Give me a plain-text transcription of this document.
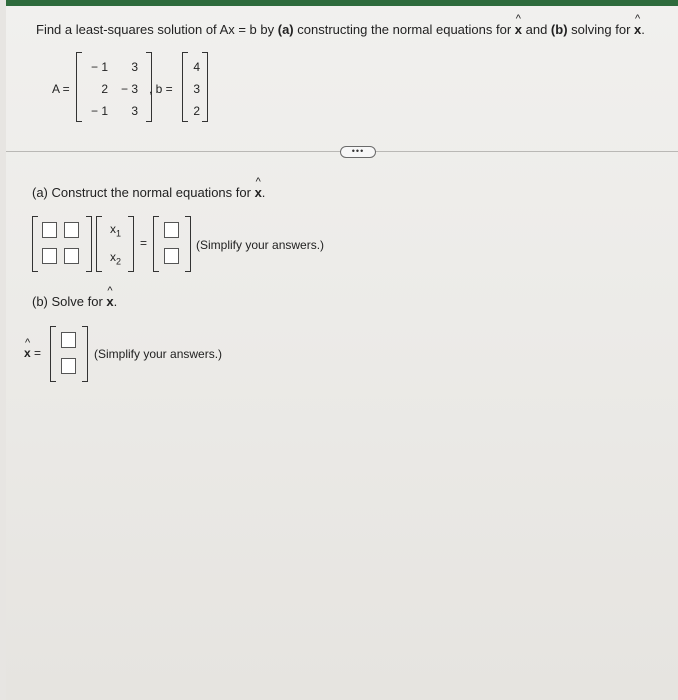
Find a least-squares solution of Ax = b by (a) constructing the normal equations for ^ x and (b) solving for ^ x.
A =
− 1	3
2	− 3
− 1	3
, b =
4
3
2
•••
(a) Construct the normal equations for ^ x.
$x_1$
$x_2$
=	(Simplify your answers.)
(b) Solve for ^ x.
^ x =	(Simplify your answers.)
